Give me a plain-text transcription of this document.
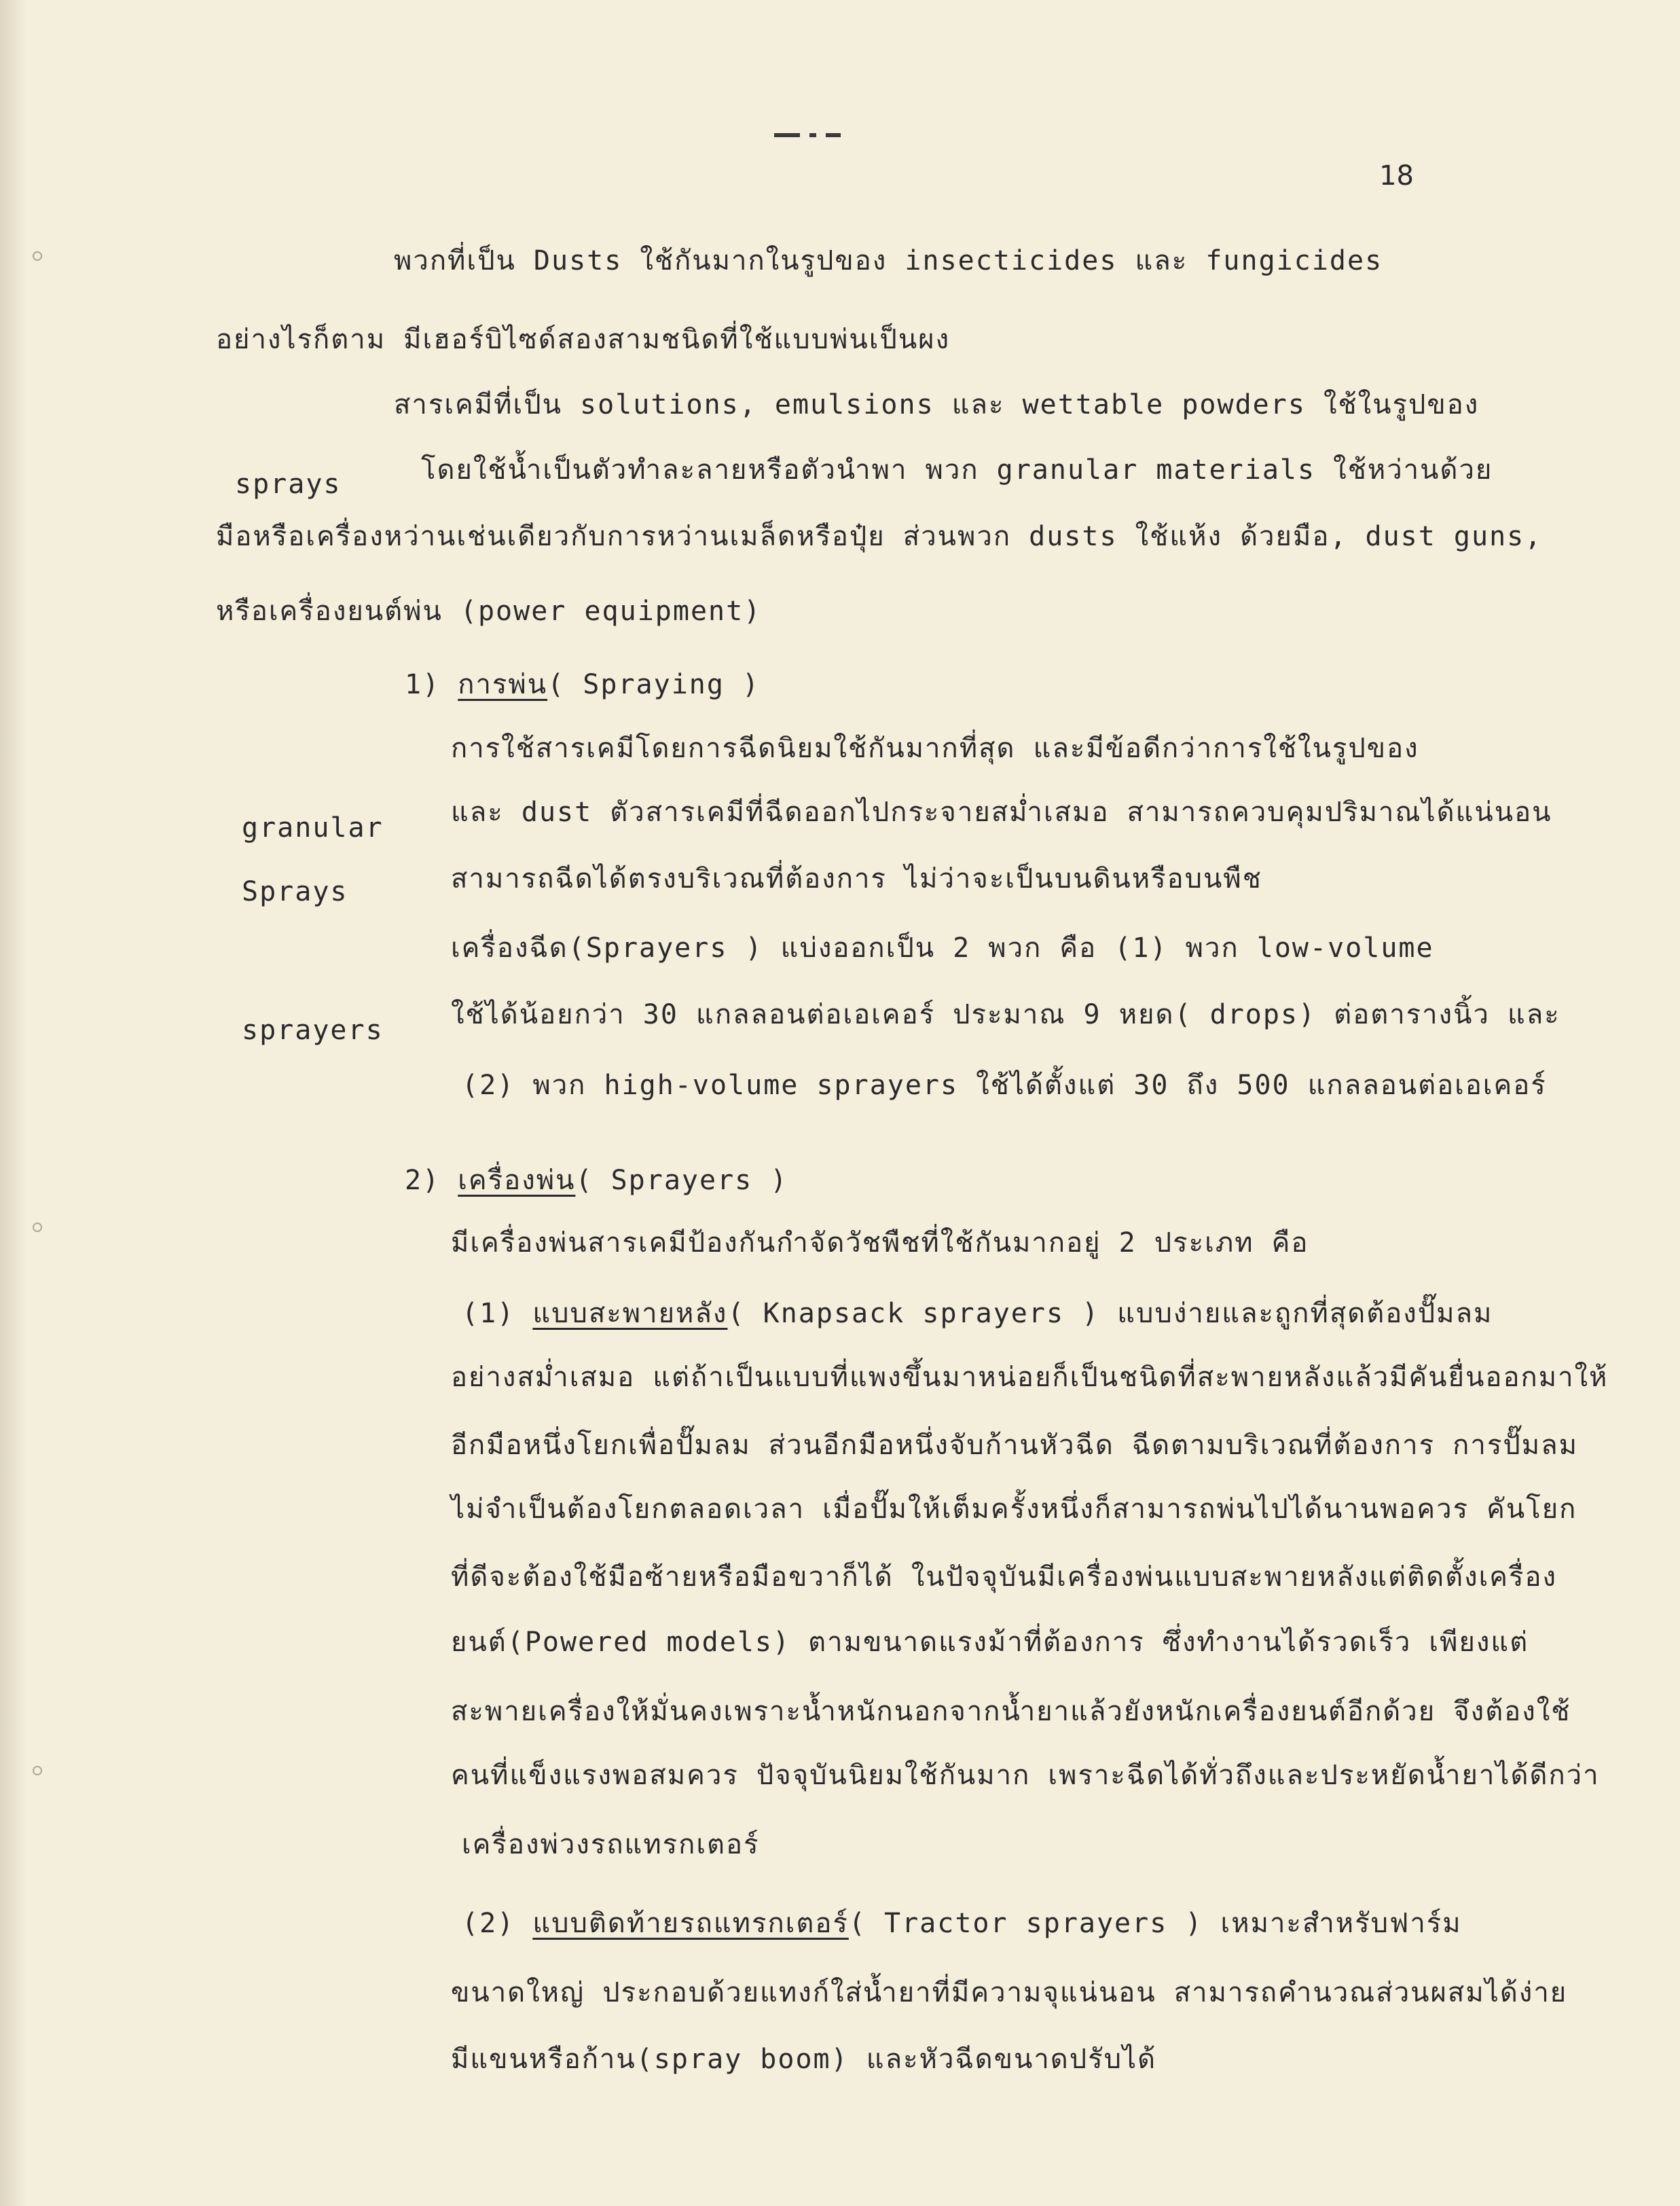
18
พวกที่เป็น Dusts ใช้กันมากในรูปของ insecticides และ fungicides
อย่างไรก็ตาม มีเฮอร์บิไซด์สองสามชนิดที่ใช้แบบพ่นเป็นผง
สารเคมีที่เป็น solutions, emulsions และ wettable powders ใช้ในรูปของ
sprays	โดยใช้น้ำเป็นตัวทำละลายหรือตัวนำพา พวก granular materials ใช้หว่านด้วย
มือหรือเครื่องหว่านเช่นเดียวกับการหว่านเมล็ดหรือปุ๋ย ส่วนพวก dusts ใช้แห้ง ด้วยมือ, dust guns,
หรือเครื่องยนต์พ่น (power equipment)
1) การพ่น( Spraying )
การใช้สารเคมีโดยการฉีดนิยมใช้กันมากที่สุด และมีข้อดีกว่าการใช้ในรูปของ
granular และ dust ตัวสารเคมีที่ฉีดออกไปกระจายสม่ำเสมอ สามารถควบคุมปริมาณได้แน่นอน
Sprays	สามารถฉีดได้ตรงบริเวณที่ต้องการ ไม่ว่าจะเป็นบนดินหรือบนพืช
เครื่องฉีด(Sprayers ) แบ่งออกเป็น 2 พวก คือ (1) พวก low-volume
sprayers ใช้ได้น้อยกว่า 30 แกลลอนต่อเอเคอร์ ประมาณ 9 หยด( drops) ต่อตารางนิ้ว และ
(2) พวก high-volume sprayers ใช้ได้ตั้งแต่ 30 ถึง 500 แกลลอนต่อเอเคอร์
2) เครื่องพ่น( Sprayers )
มีเครื่องพ่นสารเคมีป้องกันกำจัดวัชพืชที่ใช้กันมากอยู่ 2 ประเภท คือ
(1) แบบสะพายหลัง( Knapsack sprayers ) แบบง่ายและถูกที่สุดต้องปั๊มลม
อย่างสม่ำเสมอ แต่ถ้าเป็นแบบที่แพงขึ้นมาหน่อยก็เป็นชนิดที่สะพายหลังแล้วมีคันยื่นออกมาให้
อีกมือหนึ่งโยกเพื่อปั๊มลม ส่วนอีกมือหนึ่งจับก้านหัวฉีด ฉีดตามบริเวณที่ต้องการ การปั๊มลม
ไม่จำเป็นต้องโยกตลอดเวลา เมื่อปั๊มให้เต็มครั้งหนึ่งก็สามารถพ่นไปได้นานพอควร คันโยก
ที่ดีจะต้องใช้มือซ้ายหรือมือขวาก็ได้ ในปัจจุบันมีเครื่องพ่นแบบสะพายหลังแต่ติดตั้งเครื่อง
ยนต์(Powered models) ตามขนาดแรงม้าที่ต้องการ ซึ่งทำงานได้รวดเร็ว เพียงแต่
สะพายเครื่องให้มั่นคงเพราะน้ำหนักนอกจากน้ำยาแล้วยังหนักเครื่องยนต์อีกด้วย จึงต้องใช้
คนที่แข็งแรงพอสมควร ปัจจุบันนิยมใช้กันมาก เพราะฉีดได้ทั่วถึงและประหยัดน้ำยาได้ดีกว่า
เครื่องพ่วงรถแทรกเตอร์
(2) แบบติดท้ายรถแทรกเตอร์( Tractor sprayers ) เหมาะสำหรับฟาร์ม
ขนาดใหญ่ ประกอบด้วยแทงก์ใส่น้ำยาที่มีความจุแน่นอน สามารถคำนวณส่วนผสมได้ง่าย
มีแขนหรือก้าน(spray boom) และหัวฉีดขนาดปรับได้
